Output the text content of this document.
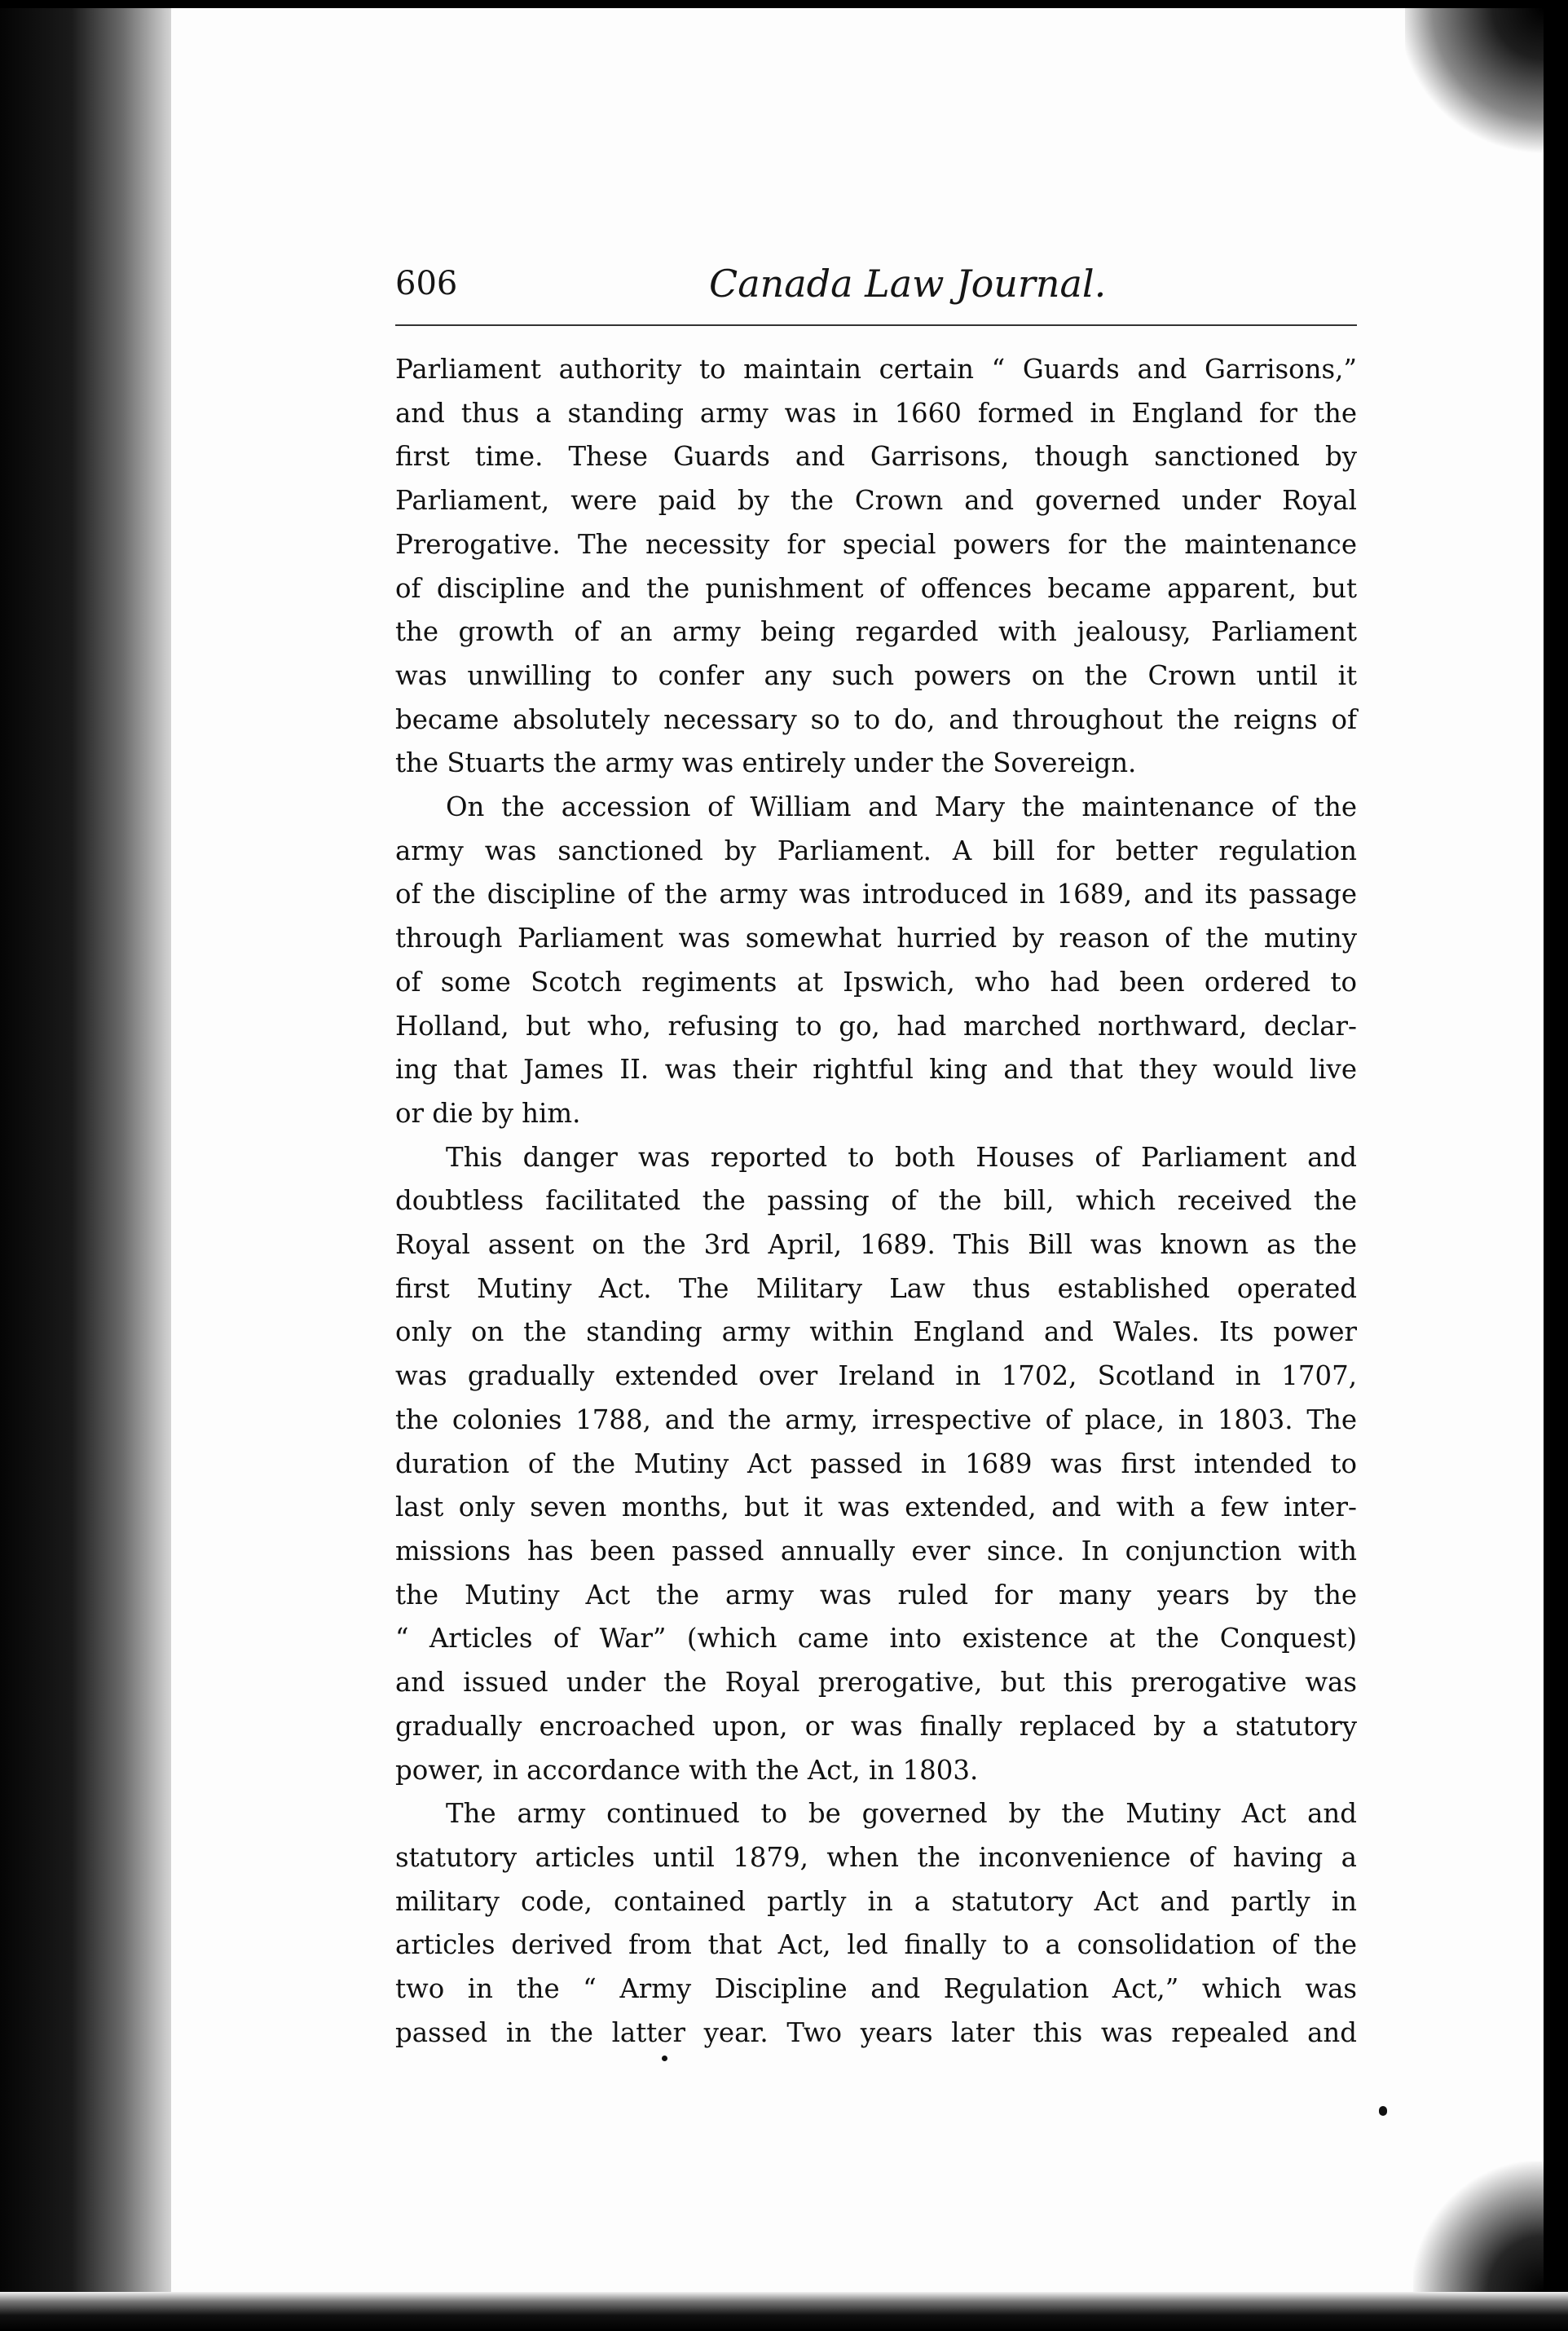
606	Canada Law Journal.
Parliament authority to maintain certain “ Guards and Garrisons,”
and thus a standing army was in 1660 formed in England for the
first time. These Guards and Garrisons, though sanctioned by
Parliament, were paid by the Crown and governed under Royal
Prerogative. The necessity for special powers for the maintenance
of discipline and the punishment of offences became apparent, but
the growth of an army being regarded with jealousy, Parliament
was unwilling to confer any such powers on the Crown until it
became absolutely necessary so to do, and throughout the reigns of
the Stuarts the army was entirely under the Sovereign.
On the accession of William and Mary the maintenance of the
army was sanctioned by Parliament. A bill for better regulation
of the discipline of the army was introduced in 1689, and its passage
through Parliament was somewhat hurried by reason of the mutiny
of some Scotch regiments at Ipswich, who had been ordered to
Holland, but who, refusing to go, had marched northward, declar-
ing that James II. was their rightful king and that they would live
or die by him.
This danger was reported to both Houses of Parliament and
doubtless facilitated the passing of the bill, which received the
Royal assent on the 3rd April, 1689. This Bill was known as the
first Mutiny Act. The Military Law thus established operated
only on the standing army within England and Wales. Its power
was gradually extended over Ireland in 1702, Scotland in 1707,
the colonies 1788, and the army, irrespective of place, in 1803. The
duration of the Mutiny Act passed in 1689 was first intended to
last only seven months, but it was extended, and with a few inter-
missions has been passed annually ever since. In conjunction with
the Mutiny Act the army was ruled for many years by the
“ Articles of War” (which came into existence at the Conquest)
and issued under the Royal prerogative, but this prerogative was
gradually encroached upon, or was finally replaced by a statutory
power, in accordance with the Act, in 1803.
The army continued to be governed by the Mutiny Act and
statutory articles until 1879, when the inconvenience of having a
military code, contained partly in a statutory Act and partly in
articles derived from that Act, led finally to a consolidation of the
two in the “ Army Discipline and Regulation Act,” which was
passed in the latter year. Two years later this was repealed and
